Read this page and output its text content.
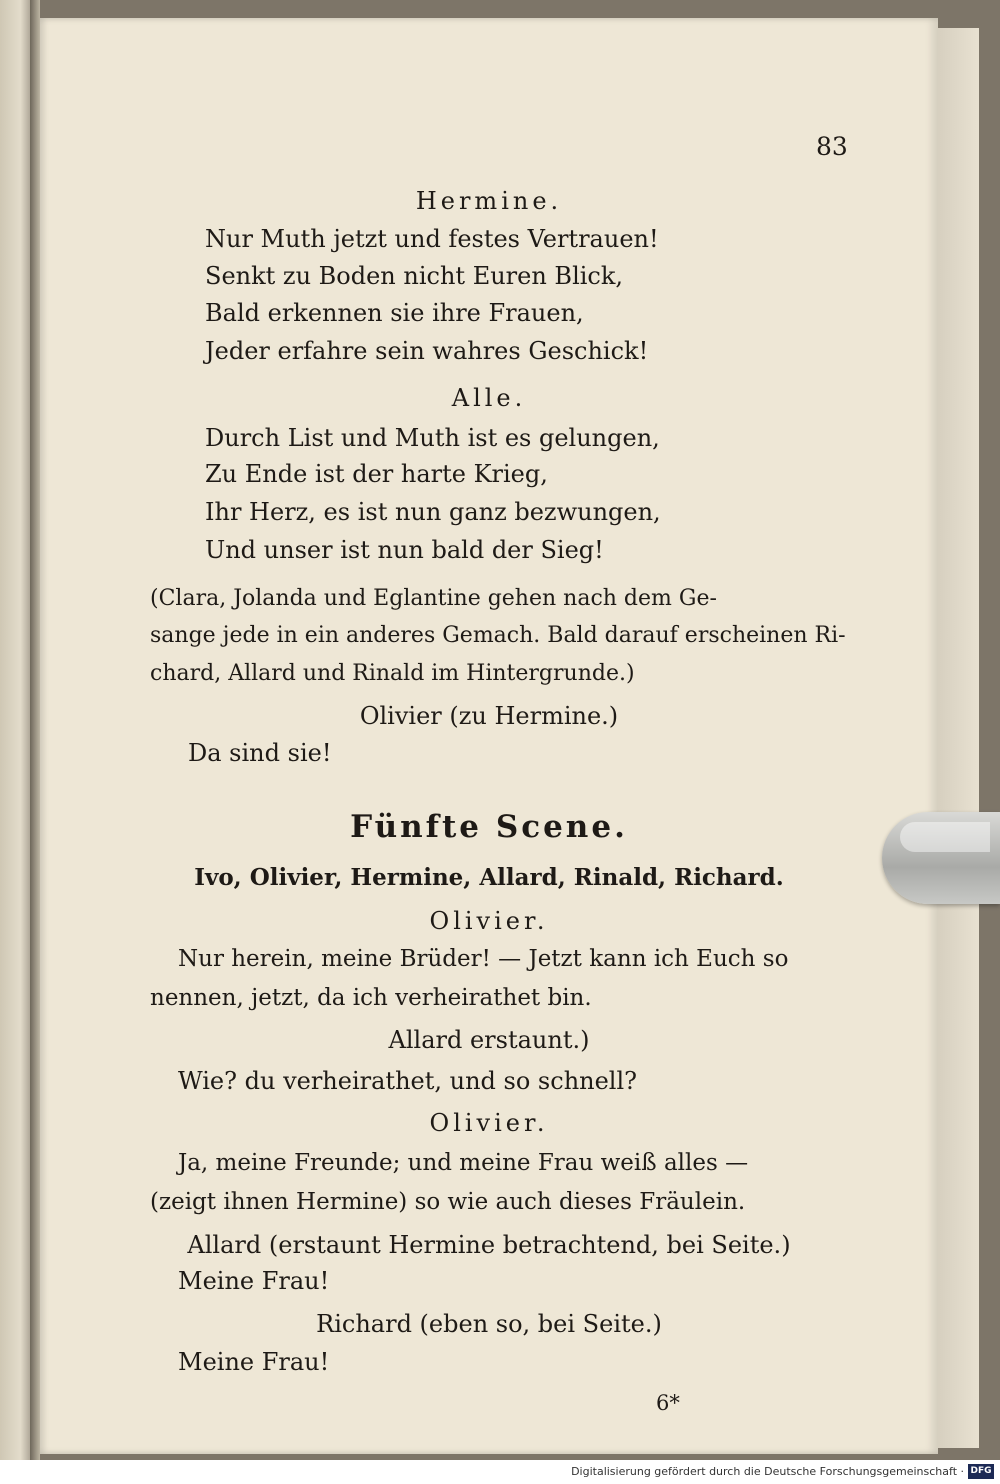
83
Hermine.
Nur Muth jetzt und festes Vertrauen!
Senkt zu Boden nicht Euren Blick,
Bald erkennen sie ihre Frauen,
Jeder erfahre sein wahres Geschick!
Alle.
Durch List und Muth ist es gelungen,
Zu Ende ist der harte Krieg,
Ihr Herz, es ist nun ganz bezwungen,
Und unser ist nun bald der Sieg!
(Clara, Jolanda und Eglantine gehen nach dem Ge-
sange jede in ein anderes Gemach. Bald darauf erscheinen Ri-
chard, Allard und Rinald im Hintergrunde.)
Olivier (zu Hermine.)
Da sind sie!
Fünfte Scene.
Ivo, Olivier, Hermine, Allard, Rinald, Richard.
Olivier.
Nur herein, meine Brüder! — Jetzt kann ich Euch so
nennen, jetzt, da ich verheirathet bin.
Allard erstaunt.)
Wie? du verheirathet, und so schnell?
Olivier.
Ja, meine Freunde; und meine Frau weiß alles —
(zeigt ihnen Hermine) so wie auch dieses Fräulein.
Allard (erstaunt Hermine betrachtend, bei Seite.)
Meine Frau!
Richard (eben so, bei Seite.)
Meine Frau!
6*
Digitalisierung gefördert durch die Deutsche Forschungsgemeinschaft · DFG
